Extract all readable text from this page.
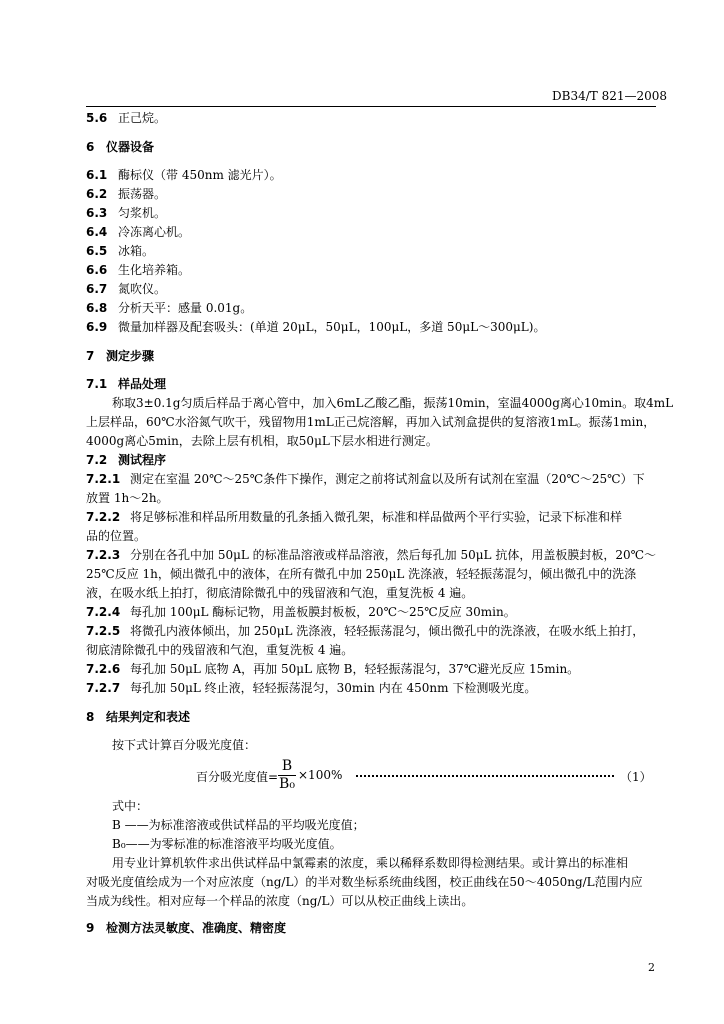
DB34/T 821—2008
5.6 正己烷。
6 仪器设备
6.1 酶标仪（带 450nm 滤光片）。
6.2 振荡器。
6.3 匀浆机。
6.4 冷冻离心机。
6.5 冰箱。
6.6 生化培养箱。
6.7 氮吹仪。
6.8 分析天平：感量 0.01g。
6.9 微量加样器及配套吸头：(单道 20μL，50μL，100μL，多道 50μL～300μL)。
7 测定步骤
7.1 样品处理
称取3±0.1g匀质后样品于离心管中，加入6mL乙酸乙酯，振荡10min，室温4000g离心10min。取4mL
上层样品，60℃水浴氮气吹干，残留物用1mL正己烷溶解，再加入试剂盒提供的复溶液1mL。振荡1min，
4000g离心5min，去除上层有机相，取50μL下层水相进行测定。
7.2 测试程序
7.2.1 测定在室温 20℃～25℃条件下操作，测定之前将试剂盒以及所有试剂在室温（20℃～25℃）下
放置 1h～2h。
7.2.2 将足够标准和样品所用数量的孔条插入微孔架，标准和样品做两个平行实验，记录下标准和样
品的位置。
7.2.3 分别在各孔中加 50μL 的标准品溶液或样品溶液，然后每孔加 50μL 抗体，用盖板膜封板，20℃～
25℃反应 1h，倾出微孔中的液体，在所有微孔中加 250μL 洗涤液，轻轻振荡混匀，倾出微孔中的洗涤
液，在吸水纸上拍打，彻底清除微孔中的残留液和气泡，重复洗板 4 遍。
7.2.4 每孔加 100μL 酶标记物，用盖板膜封板板，20℃～25℃反应 30min。
7.2.5 将微孔内液体倾出，加 250μL 洗涤液，轻轻振荡混匀，倾出微孔中的洗涤液，在吸水纸上拍打，
彻底清除微孔中的残留液和气泡，重复洗板 4 遍。
7.2.6 每孔加 50μL 底物 A，再加 50μL 底物 B，轻轻振荡混匀，37℃避光反应 15min。
7.2.7 每孔加 50μL 终止液，轻轻振荡混匀，30min 内在 450nm 下检测吸光度。
8 结果判定和表述
按下式计算百分吸光度值：
百分吸光度值=
B
B₀
×100%	（1）
式中：
B ——为标准溶液或供试样品的平均吸光度值；
B₀——为零标准的标准溶液平均吸光度值。
用专业计算机软件求出供试样品中氯霉素的浓度，乘以稀释系数即得检测结果。或计算出的标准相
对吸光度值绘成为一个对应浓度（ng/L）的半对数坐标系统曲线图，校正曲线在50～4050ng/L范围内应
当成为线性。相对应每一个样品的浓度（ng/L）可以从校正曲线上读出。
9 检测方法灵敏度、准确度、精密度
2
